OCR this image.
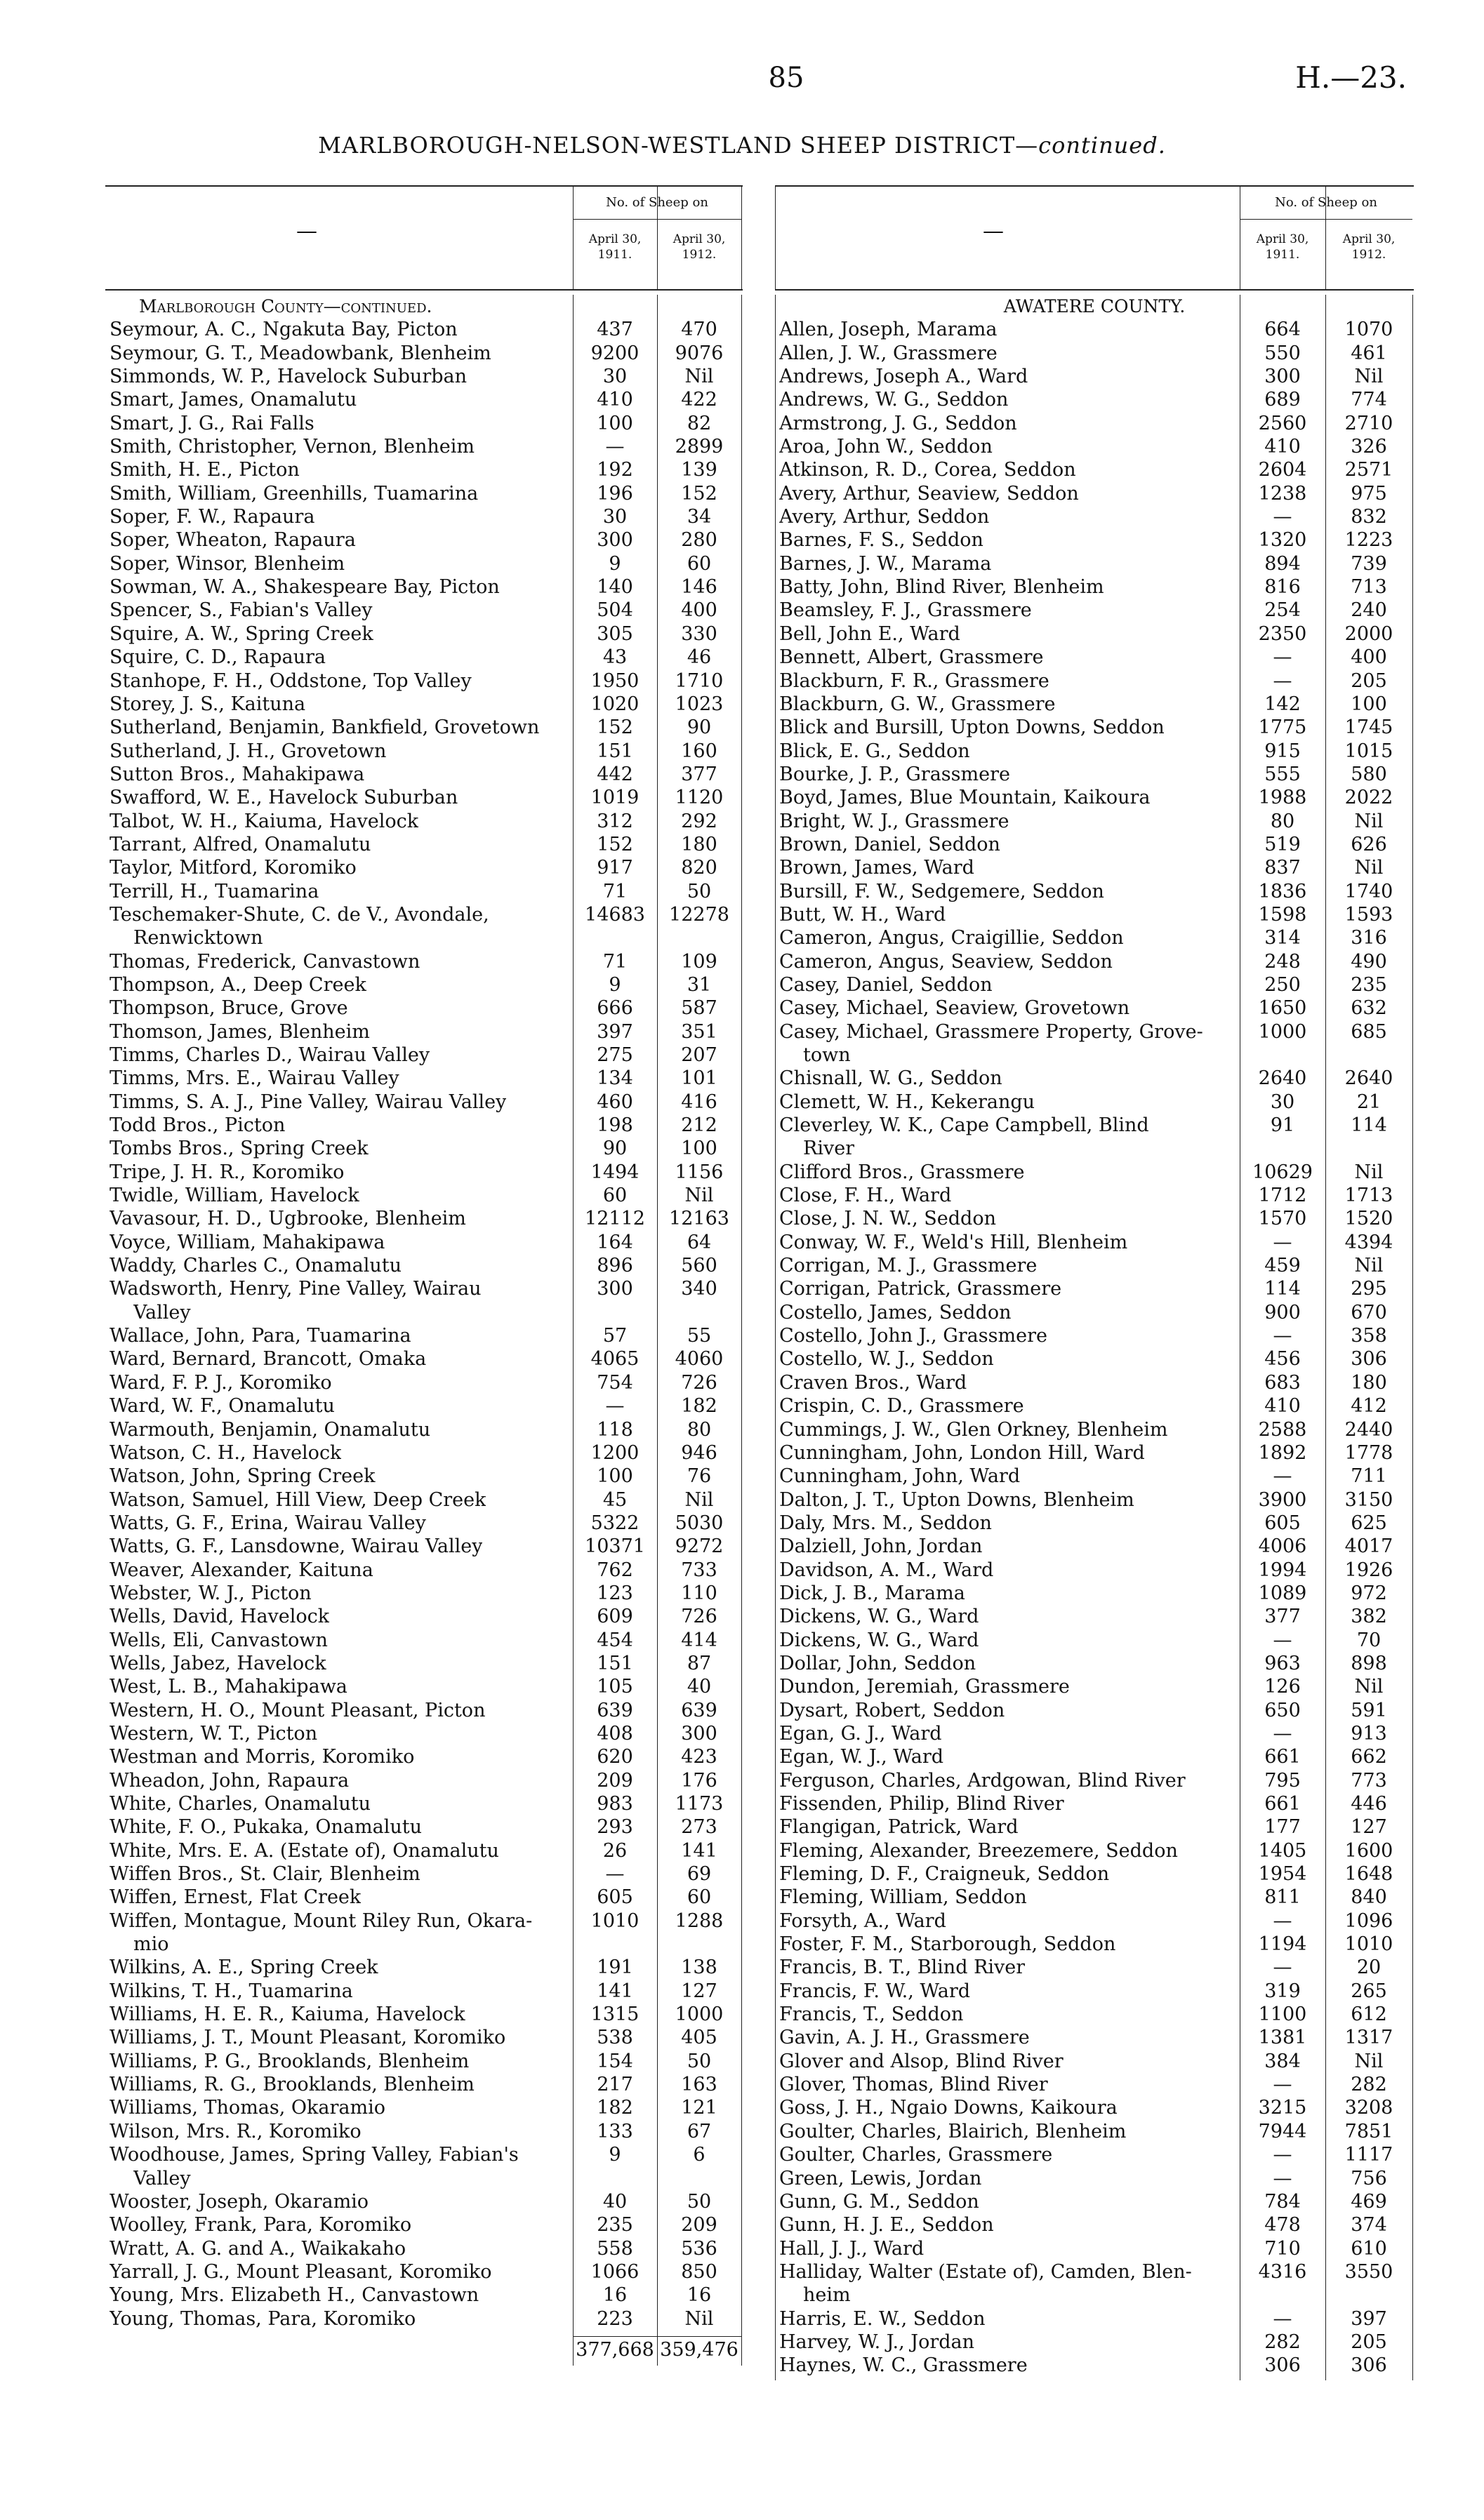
85	H.—23.
MARLBOROUGH-NELSON-WESTLAND SHEEP DISTRICT—continued.
—
No. of Sheep on
April 30,
1911.
April 30,
1912.
Marlborough County—continued.
Seymour, A. C., Ngakuta Bay, Picton	437	470
Seymour, G. T., Meadowbank, Blenheim	9200	9076
Simmonds, W. P., Havelock Suburban	30	Nil
Smart, James, Onamalutu	410	422
Smart, J. G., Rai Falls	100	82
Smith, Christopher, Vernon, Blenheim	—	2899
Smith, H. E., Picton	192	139
Smith, William, Greenhills, Tuamarina	196	152
Soper, F. W., Rapaura	30	34
Soper, Wheaton, Rapaura	300	280
Soper, Winsor, Blenheim	9	60
Sowman, W. A., Shakespeare Bay, Picton	140	146
Spencer, S., Fabian's Valley	504	400
Squire, A. W., Spring Creek	305	330
Squire, C. D., Rapaura	43	46
Stanhope, F. H., Oddstone, Top Valley	1950	1710
Storey, J. S., Kaituna	1020	1023
Sutherland, Benjamin, Bankfield, Grovetown	152	90
Sutherland, J. H., Grovetown	151	160
Sutton Bros., Mahakipawa	442	377
Swafford, W. E., Havelock Suburban	1019	1120
Talbot, W. H., Kaiuma, Havelock	312	292
Tarrant, Alfred, Onamalutu	152	180
Taylor, Mitford, Koromiko	917	820
Terrill, H., Tuamarina	71	50
Teschemaker-Shute, C. de V., Avondale,	14683	12278
Renwicktown
Thomas, Frederick, Canvastown	71	109
Thompson, A., Deep Creek	9	31
Thompson, Bruce, Grove	666	587
Thomson, James, Blenheim	397	351
Timms, Charles D., Wairau Valley	275	207
Timms, Mrs. E., Wairau Valley	134	101
Timms, S. A. J., Pine Valley, Wairau Valley	460	416
Todd Bros., Picton	198	212
Tombs Bros., Spring Creek	90	100
Tripe, J. H. R., Koromiko	1494	1156
Twidle, William, Havelock	60	Nil
Vavasour, H. D., Ugbrooke, Blenheim	12112	12163
Voyce, William, Mahakipawa	164	64
Waddy, Charles C., Onamalutu	896	560
Wadsworth, Henry, Pine Valley, Wairau	300	340
Valley
Wallace, John, Para, Tuamarina	57	55
Ward, Bernard, Brancott, Omaka	4065	4060
Ward, F. P. J., Koromiko	754	726
Ward, W. F., Onamalutu	—	182
Warmouth, Benjamin, Onamalutu	118	80
Watson, C. H., Havelock	1200	946
Watson, John, Spring Creek	100	76
Watson, Samuel, Hill View, Deep Creek	45	Nil
Watts, G. F., Erina, Wairau Valley	5322	5030
Watts, G. F., Lansdowne, Wairau Valley	10371	9272
Weaver, Alexander, Kaituna	762	733
Webster, W. J., Picton	123	110
Wells, David, Havelock	609	726
Wells, Eli, Canvastown	454	414
Wells, Jabez, Havelock	151	87
West, L. B., Mahakipawa	105	40
Western, H. O., Mount Pleasant, Picton	639	639
Western, W. T., Picton	408	300
Westman and Morris, Koromiko	620	423
Wheadon, John, Rapaura	209	176
White, Charles, Onamalutu	983	1173
White, F. O., Pukaka, Onamalutu	293	273
White, Mrs. E. A. (Estate of), Onamalutu	26	141
Wiffen Bros., St. Clair, Blenheim	—	69
Wiffen, Ernest, Flat Creek	605	60
Wiffen, Montague, Mount Riley Run, Okara-	1010	1288
mio
Wilkins, A. E., Spring Creek	191	138
Wilkins, T. H., Tuamarina	141	127
Williams, H. E. R., Kaiuma, Havelock	1315	1000
Williams, J. T., Mount Pleasant, Koromiko	538	405
Williams, P. G., Brooklands, Blenheim	154	50
Williams, R. G., Brooklands, Blenheim	217	163
Williams, Thomas, Okaramio	182	121
Wilson, Mrs. R., Koromiko	133	67
Woodhouse, James, Spring Valley, Fabian's	9	6
Valley
Wooster, Joseph, Okaramio	40	50
Woolley, Frank, Para, Koromiko	235	209
Wratt, A. G. and A., Waikakaho	558	536
Yarrall, J. G., Mount Pleasant, Koromiko	1066	850
Young, Mrs. Elizabeth H., Canvastown	16	16
Young, Thomas, Para, Koromiko	223	Nil
377,668 359,476
—
No. of Sheep on
April 30,
1911.
April 30,
1912.
AWATERE COUNTY.
Allen, Joseph, Marama	664	1070
Allen, J. W., Grassmere	550	461
Andrews, Joseph A., Ward	300	Nil
Andrews, W. G., Seddon	689	774
Armstrong, J. G., Seddon	2560	2710
Aroa, John W., Seddon	410	326
Atkinson, R. D., Corea, Seddon	2604	2571
Avery, Arthur, Seaview, Seddon	1238	975
Avery, Arthur, Seddon	—	832
Barnes, F. S., Seddon	1320	1223
Barnes, J. W., Marama	894	739
Batty, John, Blind River, Blenheim	816	713
Beamsley, F. J., Grassmere	254	240
Bell, John E., Ward	2350	2000
Bennett, Albert, Grassmere	—	400
Blackburn, F. R., Grassmere	—	205
Blackburn, G. W., Grassmere	142	100
Blick and Bursill, Upton Downs, Seddon	1775	1745
Blick, E. G., Seddon	915	1015
Bourke, J. P., Grassmere	555	580
Boyd, James, Blue Mountain, Kaikoura	1988	2022
Bright, W. J., Grassmere	80	Nil
Brown, Daniel, Seddon	519	626
Brown, James, Ward	837	Nil
Bursill, F. W., Sedgemere, Seddon	1836	1740
Butt, W. H., Ward	1598	1593
Cameron, Angus, Craigillie, Seddon	314	316
Cameron, Angus, Seaview, Seddon	248	490
Casey, Daniel, Seddon	250	235
Casey, Michael, Seaview, Grovetown	1650	632
Casey, Michael, Grassmere Property, Grove-	1000	685
town
Chisnall, W. G., Seddon	2640	2640
Clemett, W. H., Kekerangu	30	21
Cleverley, W. K., Cape Campbell, Blind	91	114
River
Clifford Bros., Grassmere	10629	Nil
Close, F. H., Ward	1712	1713
Close, J. N. W., Seddon	1570	1520
Conway, W. F., Weld's Hill, Blenheim	—	4394
Corrigan, M. J., Grassmere	459	Nil
Corrigan, Patrick, Grassmere	114	295
Costello, James, Seddon	900	670
Costello, John J., Grassmere	—	358
Costello, W. J., Seddon	456	306
Craven Bros., Ward	683	180
Crispin, C. D., Grassmere	410	412
Cummings, J. W., Glen Orkney, Blenheim	2588	2440
Cunningham, John, London Hill, Ward	1892	1778
Cunningham, John, Ward	—	711
Dalton, J. T., Upton Downs, Blenheim	3900	3150
Daly, Mrs. M., Seddon	605	625
Dalziell, John, Jordan	4006	4017
Davidson, A. M., Ward	1994	1926
Dick, J. B., Marama	1089	972
Dickens, W. G., Ward	377	382
Dickens, W. G., Ward	—	70
Dollar, John, Seddon	963	898
Dundon, Jeremiah, Grassmere	126	Nil
Dysart, Robert, Seddon	650	591
Egan, G. J., Ward	—	913
Egan, W. J., Ward	661	662
Ferguson, Charles, Ardgowan, Blind River	795	773
Fissenden, Philip, Blind River	661	446
Flangigan, Patrick, Ward	177	127
Fleming, Alexander, Breezemere, Seddon	1405	1600
Fleming, D. F., Craigneuk, Seddon	1954	1648
Fleming, William, Seddon	811	840
Forsyth, A., Ward	—	1096
Foster, F. M., Starborough, Seddon	1194	1010
Francis, B. T., Blind River	—	20
Francis, F. W., Ward	319	265
Francis, T., Seddon	1100	612
Gavin, A. J. H., Grassmere	1381	1317
Glover and Alsop, Blind River	384	Nil
Glover, Thomas, Blind River	—	282
Goss, J. H., Ngaio Downs, Kaikoura	3215	3208
Goulter, Charles, Blairich, Blenheim	7944	7851
Goulter, Charles, Grassmere	—	1117
Green, Lewis, Jordan	—	756
Gunn, G. M., Seddon	784	469
Gunn, H. J. E., Seddon	478	374
Hall, J. J., Ward	710	610
Halliday, Walter (Estate of), Camden, Blen-	4316	3550
heim
Harris, E. W., Seddon	—	397
Harvey, W. J., Jordan	282	205
Haynes, W. C., Grassmere	306	306
